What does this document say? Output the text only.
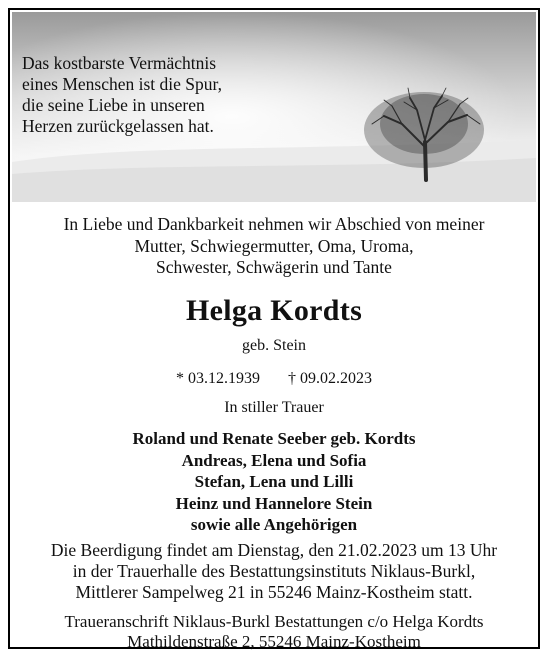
Das kostbarste Vermächtnis
eines Menschen ist die Spur,
die seine Liebe in unseren
Herzen zurückgelassen hat.
In Liebe und Dankbarkeit nehmen wir Abschied von meiner
Mutter, Schwiegermutter, Oma, Uroma,
Schwester, Schwägerin und Tante
Helga Kordts
geb. Stein
* 03.12.1939 † 09.02.2023
In stiller Trauer
Roland und Renate Seeber geb. Kordts
Andreas, Elena und Sofia
Stefan, Lena und Lilli
Heinz und Hannelore Stein
sowie alle Angehörigen
Die Beerdigung findet am Dienstag, den 21.02.2023 um 13 Uhr
in der Trauerhalle des Bestattungsinstituts Niklaus-Burkl,
Mittlerer Sampelweg 21 in 55246 Mainz-Kostheim statt.
Traueranschrift Niklaus-Burkl Bestattungen c/o Helga Kordts
Mathildenstraße 2, 55246 Mainz-Kostheim
